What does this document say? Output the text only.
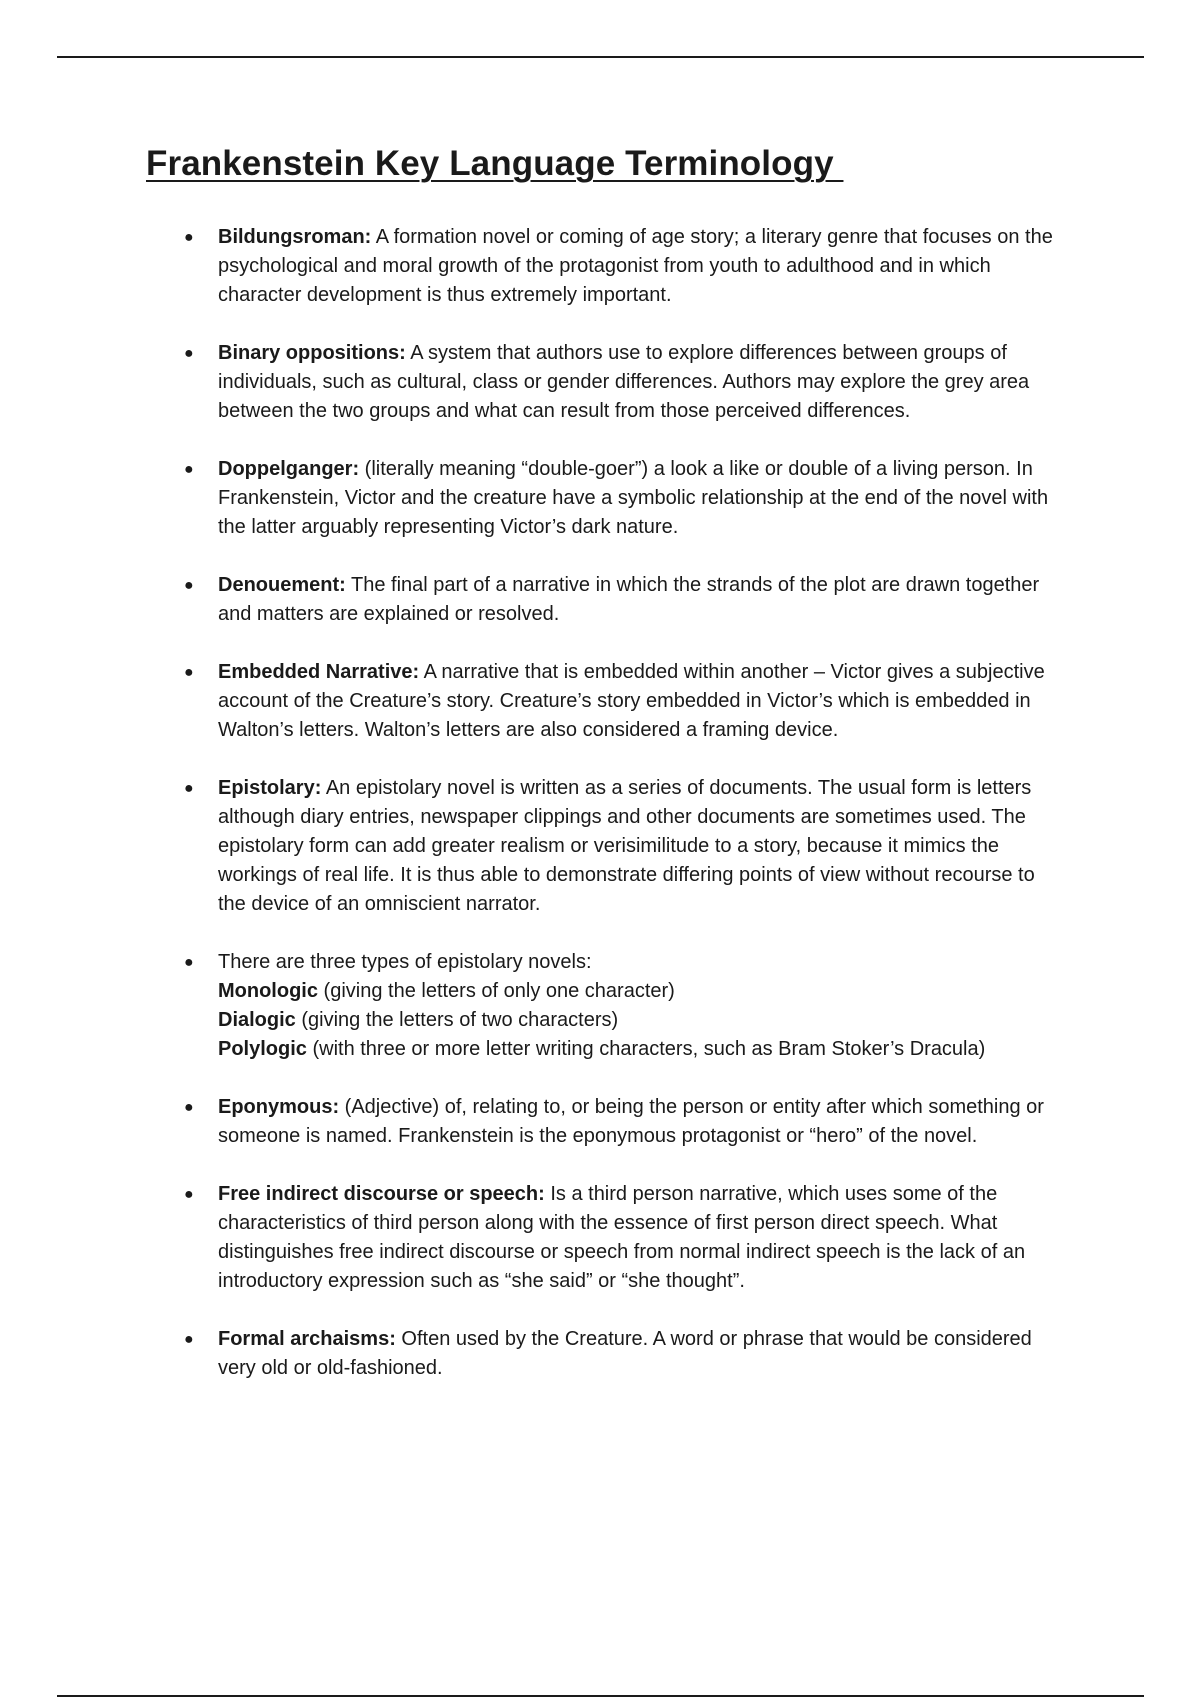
Frankenstein Key Language Terminology
● Bildungsroman: A formation novel or coming of age story; a literary genre that focuses on the psychological and moral growth of the protagonist from youth to adulthood and in which character development is thus extremely important.
● Binary oppositions: A system that authors use to explore differences between groups of individuals, such as cultural, class or gender differences. Authors may explore the grey area between the two groups and what can result from those perceived differences.
● Doppelganger: (literally meaning “double-goer”) a look a like or double of a living person. In Frankenstein, Victor and the creature have a symbolic relationship at the end of the novel with the latter arguably representing Victor’s dark nature.
● Denouement: The final part of a narrative in which the strands of the plot are drawn together and matters are explained or resolved.
● Embedded Narrative: A narrative that is embedded within another – Victor gives a subjective account of the Creature’s story. Creature’s story embedded in Victor’s which is embedded in Walton’s letters. Walton’s letters are also considered a framing device.
● Epistolary: An epistolary novel is written as a series of documents. The usual form is letters although diary entries, newspaper clippings and other documents are sometimes used. The epistolary form can add greater realism or verisimilitude to a story, because it mimics the workings of real life. It is thus able to demonstrate differing points of view without recourse to the device of an omniscient narrator.
● There are three types of epistolary novels:
Monologic (giving the letters of only one character)
Dialogic (giving the letters of two characters)
Polylogic (with three or more letter writing characters, such as Bram Stoker’s Dracula)
● Eponymous: (Adjective) of, relating to, or being the person or entity after which something or someone is named. Frankenstein is the eponymous protagonist or “hero” of the novel.
● Free indirect discourse or speech: Is a third person narrative, which uses some of the characteristics of third person along with the essence of first person direct speech. What distinguishes free indirect discourse or speech from normal indirect speech is the lack of an introductory expression such as “she said” or “she thought”.
● Formal archaisms: Often used by the Creature. A word or phrase that would be considered very old or old-fashioned.
